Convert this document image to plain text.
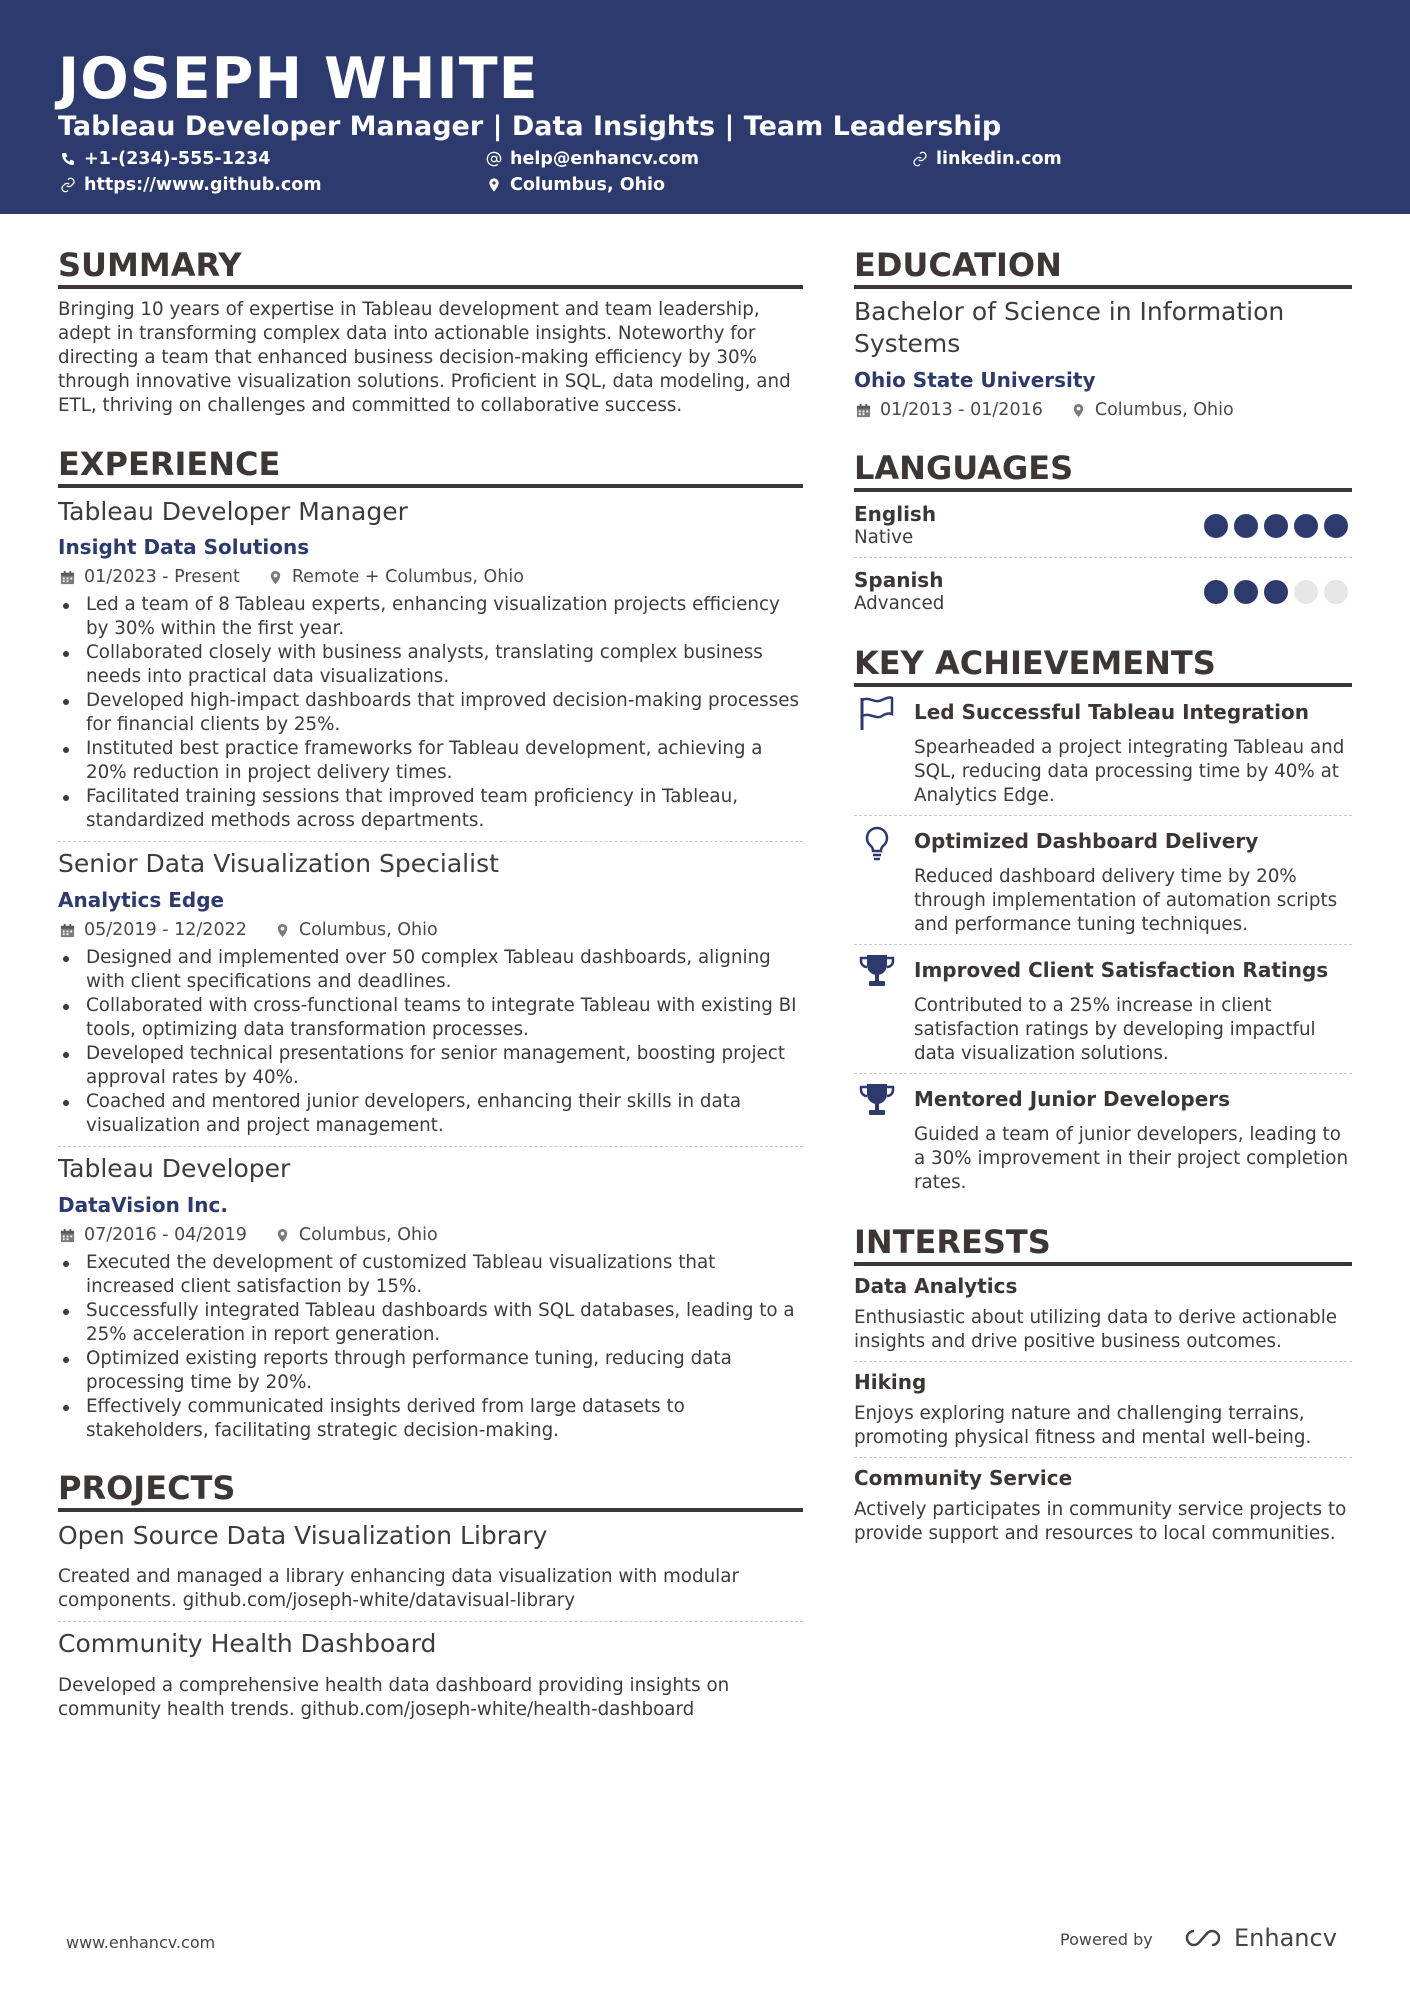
JOSEPH WHITE
Tableau Developer Manager | Data Insights | Team Leadership
+1-(234)-555-1234	help@enhancv.com	linkedin.com
https://www.github.com	Columbus, Ohio
SUMMARY
Bringing 10 years of expertise in Tableau development and team leadership, adept in transforming complex data into actionable insights. Noteworthy for directing a team that enhanced business decision-making efficiency by 30% through innovative visualization solutions. Proficient in SQL, data modeling, and ETL, thriving on challenges and committed to collaborative success.
EXPERIENCE
Tableau Developer Manager
Insight Data Solutions
01/2023 - Present	Remote + Columbus, Ohio
Led a team of 8 Tableau experts, enhancing visualization projects efficiency by 30% within the first year.
Collaborated closely with business analysts, translating complex business needs into practical data visualizations.
Developed high-impact dashboards that improved decision-making processes for financial clients by 25%.
Instituted best practice frameworks for Tableau development, achieving a 20% reduction in project delivery times.
Facilitated training sessions that improved team proficiency in Tableau, standardized methods across departments.
Senior Data Visualization Specialist
Analytics Edge
05/2019 - 12/2022	Columbus, Ohio
Designed and implemented over 50 complex Tableau dashboards, aligning with client specifications and deadlines.
Collaborated with cross-functional teams to integrate Tableau with existing BI tools, optimizing data transformation processes.
Developed technical presentations for senior management, boosting project approval rates by 40%.
Coached and mentored junior developers, enhancing their skills in data visualization and project management.
Tableau Developer
DataVision Inc.
07/2016 - 04/2019	Columbus, Ohio
Executed the development of customized Tableau visualizations that increased client satisfaction by 15%.
Successfully integrated Tableau dashboards with SQL databases, leading to a 25% acceleration in report generation.
Optimized existing reports through performance tuning, reducing data processing time by 20%.
Effectively communicated insights derived from large datasets to stakeholders, facilitating strategic decision-making.
PROJECTS
Open Source Data Visualization Library
Created and managed a library enhancing data visualization with modular components. github.com/joseph-white/datavisual-library
Community Health Dashboard
Developed a comprehensive health data dashboard providing insights on community health trends. github.com/joseph-white/health-dashboard
EDUCATION
Bachelor of Science in Information Systems
Ohio State University
01/2013 - 01/2016	Columbus, Ohio
LANGUAGES
English
Native
Spanish
Advanced
KEY ACHIEVEMENTS
Led Successful Tableau Integration
Spearheaded a project integrating Tableau and SQL, reducing data processing time by 40% at Analytics Edge.
Optimized Dashboard Delivery
Reduced dashboard delivery time by 20% through implementation of automation scripts and performance tuning techniques.
Improved Client Satisfaction Ratings
Contributed to a 25% increase in client satisfaction ratings by developing impactful data visualization solutions.
Mentored Junior Developers
Guided a team of junior developers, leading to a 30% improvement in their project completion rates.
INTERESTS
Data Analytics
Enthusiastic about utilizing data to derive actionable insights and drive positive business outcomes.
Hiking
Enjoys exploring nature and challenging terrains, promoting physical fitness and mental well-being.
Community Service
Actively participates in community service projects to provide support and resources to local communities.
www.enhancv.com	Powered by	Enhancv
